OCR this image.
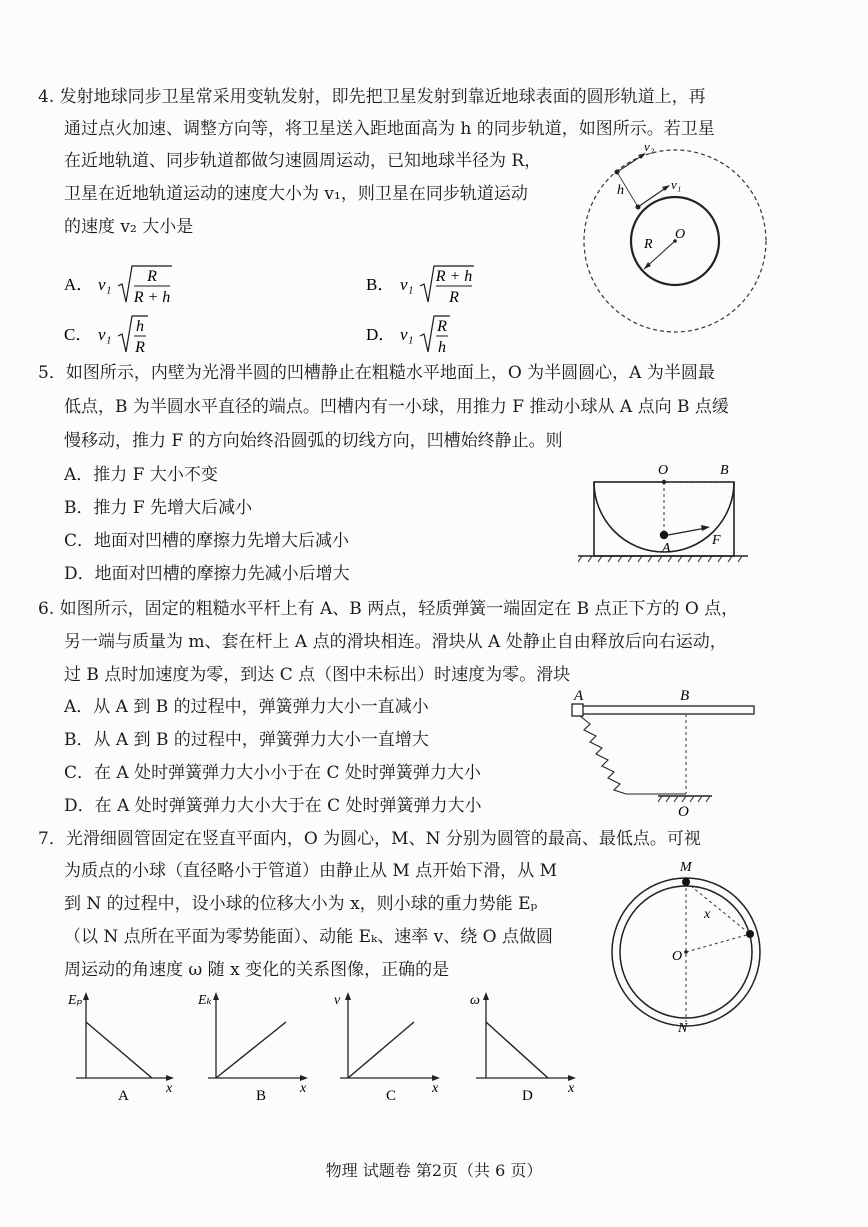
4. 发射地球同步卫星常采用变轨发射，即先把卫星发射到靠近地球表面的圆形轨道上，再
通过点火加速、调整方向等，将卫星送入距地面高为 h 的同步轨道，如图所示。若卫星
在近地轨道、同步轨道都做匀速圆周运动，已知地球半径为 R，
卫星在近地轨道运动的速度大小为 v₁，则卫星在同步轨道运动
的速度 v₂ 大小是
A． v₁ R
R + h
B． v₁ R + h
R
C． v₁ h
R
D． v₁ R
h
v₂
v₁
h
R
O
5．如图所示，内壁为光滑半圆的凹槽静止在粗糙水平地面上，O 为半圆圆心，A 为半圆最
低点，B 为半圆水平直径的端点。凹槽内有一小球，用推力 F 推动小球从 A 点向 B 点缓
慢移动，推力 F 的方向始终沿圆弧的切线方向，凹槽始终静止。则
A．推力 F 大小不变
B．推力 F 先增大后减小
C．地面对凹槽的摩擦力先增大后减小
D．地面对凹槽的摩擦力先减小后增大
O	B
A
F
6. 如图所示，固定的粗糙水平杆上有 A、B 两点，轻质弹簧一端固定在 B 点正下方的 O 点，
另一端与质量为 m、套在杆上 A 点的滑块相连。滑块从 A 处静止自由释放后向右运动，
过 B 点时加速度为零，到达 C 点（图中未标出）时速度为零。滑块
A．从 A 到 B 的过程中，弹簧弹力大小一直减小
B．从 A 到 B 的过程中，弹簧弹力大小一直增大
C．在 A 处时弹簧弹力大小小于在 C 处时弹簧弹力大小
D．在 A 处时弹簧弹力大小大于在 C 处时弹簧弹力大小
A	B
O
7．光滑细圆管固定在竖直平面内，O 为圆心，M、N 分别为圆管的最高、最低点。可视
为质点的小球（直径略小于管道）由静止从 M 点开始下滑，从 M
到 N 的过程中，设小球的位移大小为 x，则小球的重力势能 Eₚ
（以 N 点所在平面为零势能面）、动能 Eₖ、速率 v、绕 O 点做圆
周运动的角速度 ω 随 x 变化的关系图像，正确的是
M
O
N
x
Eₚ
x
A
Eₖ
x
B
v
x
C
ω
x
D
物理 试题卷 第2页（共 6 页）
